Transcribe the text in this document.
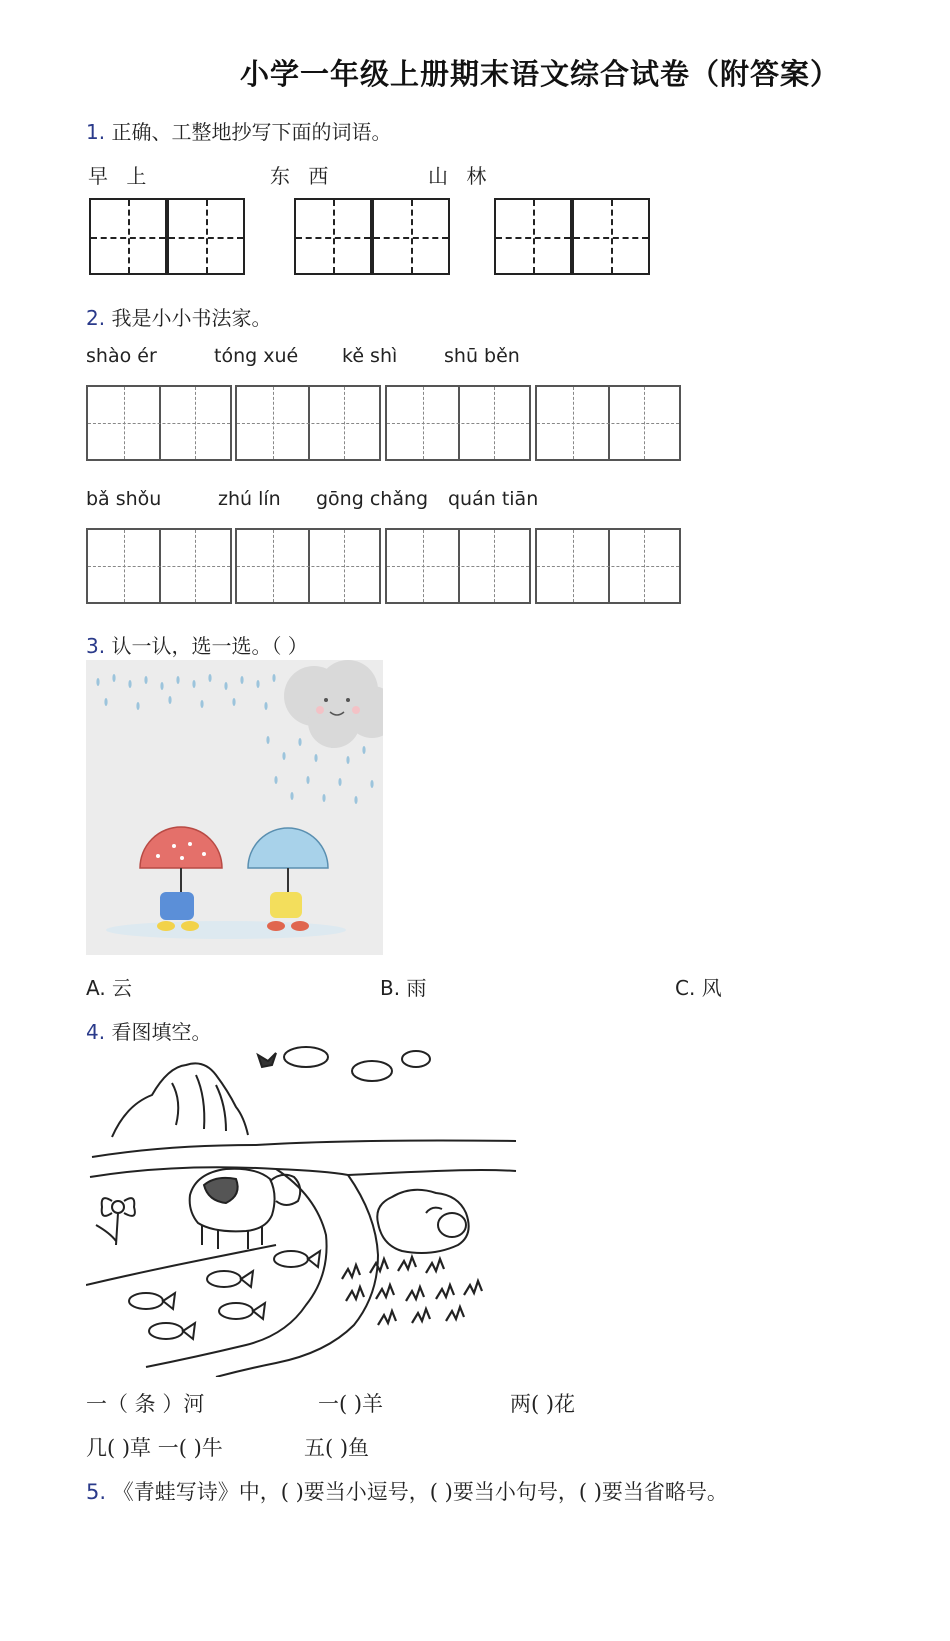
小学一年级上册期末语文综合试卷（附答案）
1. 正确、工整地抄写下面的词语。
早 上	东 西	山 林
2. 我是小小书法家。
shào ér	tóng xué kě shì shū běn
bǎ shǒu	zhú lín gōng chǎng quán tiān
3. 认一认，选一选。（ ）
A. 云	B. 雨	C. 风
4. 看图填空。
一（ 条 ）河	一( )羊	两( )花
几( )草 一( )牛	五( )鱼
5. 《青蛙写诗》中，( )要当小逗号，( )要当小句号，( )要当省略号。
